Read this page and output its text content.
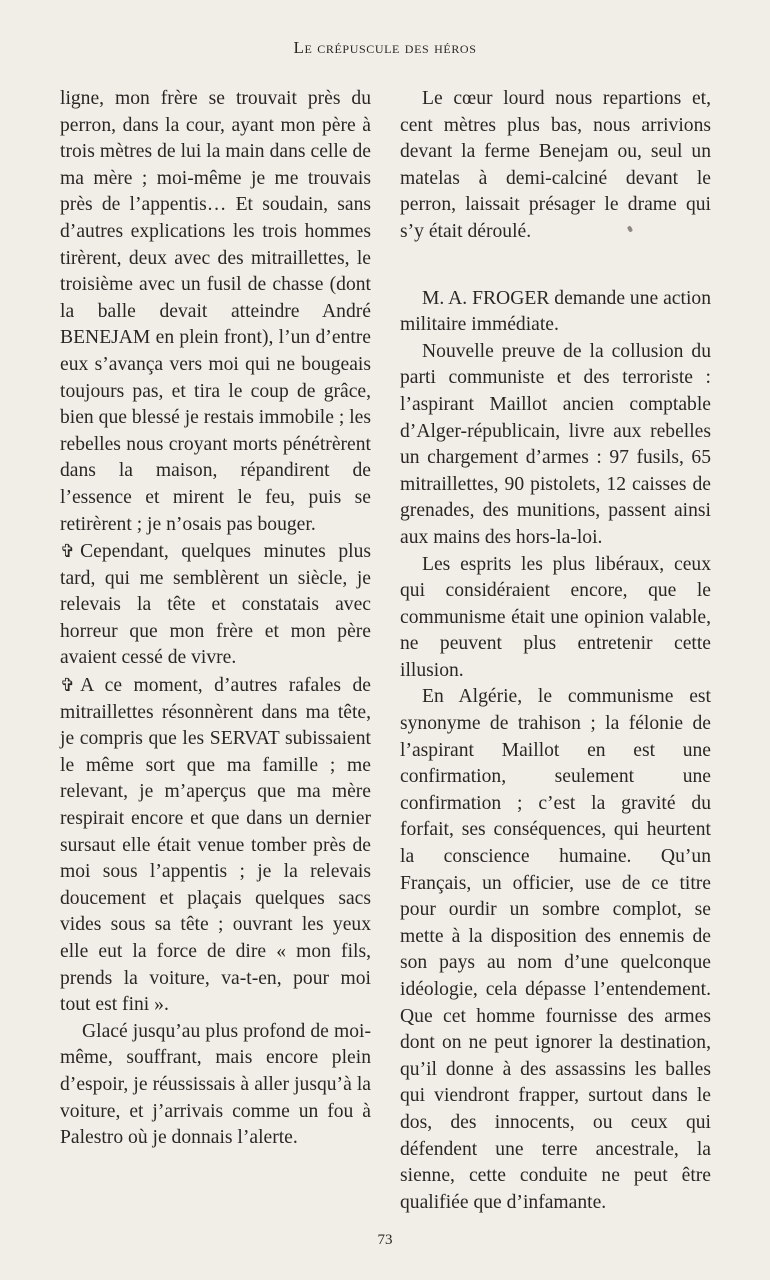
Le crépuscule des héros

ligne, mon frère se trouvait près du perron, dans la cour, ayant mon père à trois mètres de lui la main dans celle de ma mère ; moi-même je me trouvais près de l’appentis… Et soudain, sans d’autres explications les trois hommes tirèrent, deux avec des mitraillettes, le troisième avec un fusil de chasse (dont la balle devait atteindre André BENEJAM en plein front), l’un d’entre eux s’avança vers moi qui ne bougeais toujours pas, et tira le coup de grâce, bien que blessé je restais immobile ; les rebelles nous croyant morts pénétrèrent dans la maison, répandirent de l’essence et mirent le feu, puis se retirèrent ; je n’osais pas bouger.

✞ Cependant, quelques minutes plus tard, qui me semblèrent un siècle, je relevais la tête et constatais avec horreur que mon frère et mon père avaient cessé de vivre.

✞ A ce moment, d’autres rafales de mitraillettes résonnèrent dans ma tête, je compris que les SERVAT subissaient le même sort que ma famille ; me relevant, je m’aperçus que ma mère respirait encore et que dans un dernier sursaut elle était venue tomber près de moi sous l’appentis ; je la relevais doucement et plaçais quelques sacs vides sous sa tête ; ouvrant les yeux elle eut la force de dire « mon fils, prends la voiture, va-t-en, pour moi tout est fini ».

Glacé jusqu’au plus profond de moi-même, souffrant, mais encore plein d’espoir, je réussissais à aller jusqu’à la voiture, et j’arrivais comme un fou à Palestro où je donnais l’alerte.

Le cœur lourd nous repartions et, cent mètres plus bas, nous arrivions devant la ferme Benejam ou, seul un matelas à demi-calciné devant le perron, laissait présager le drame qui s’y était déroulé.

M. A. FROGER demande une action militaire immédiate.

Nouvelle preuve de la collusion du parti communiste et des terroriste : l’aspirant Maillot ancien comptable d’Alger-républicain, livre aux rebelles un chargement d’armes : 97 fusils, 65 mitraillettes, 90 pistolets, 12 caisses de grenades, des munitions, passent ainsi aux mains des hors-la-loi.

Les esprits les plus libéraux, ceux qui considéraient encore, que le communisme était une opinion valable, ne peuvent plus entretenir cette illusion.

En Algérie, le communisme est synonyme de trahison ; la félonie de l’aspirant Maillot en est une confirmation, seulement une confirmation ; c’est la gravité du forfait, ses conséquences, qui heurtent la conscience humaine. Qu’un Français, un officier, use de ce titre pour ourdir un sombre complot, se mette à la disposition des ennemis de son pays au nom d’une quelconque idéologie, cela dépasse l’entendement. Que cet homme fournisse des armes dont on ne peut ignorer la destination, qu’il donne à des assassins les balles qui viendront frapper, surtout dans le dos, des innocents, ou ceux qui défendent une terre ancestrale, la sienne, cette conduite ne peut être qualifiée que d’infamante.

73
